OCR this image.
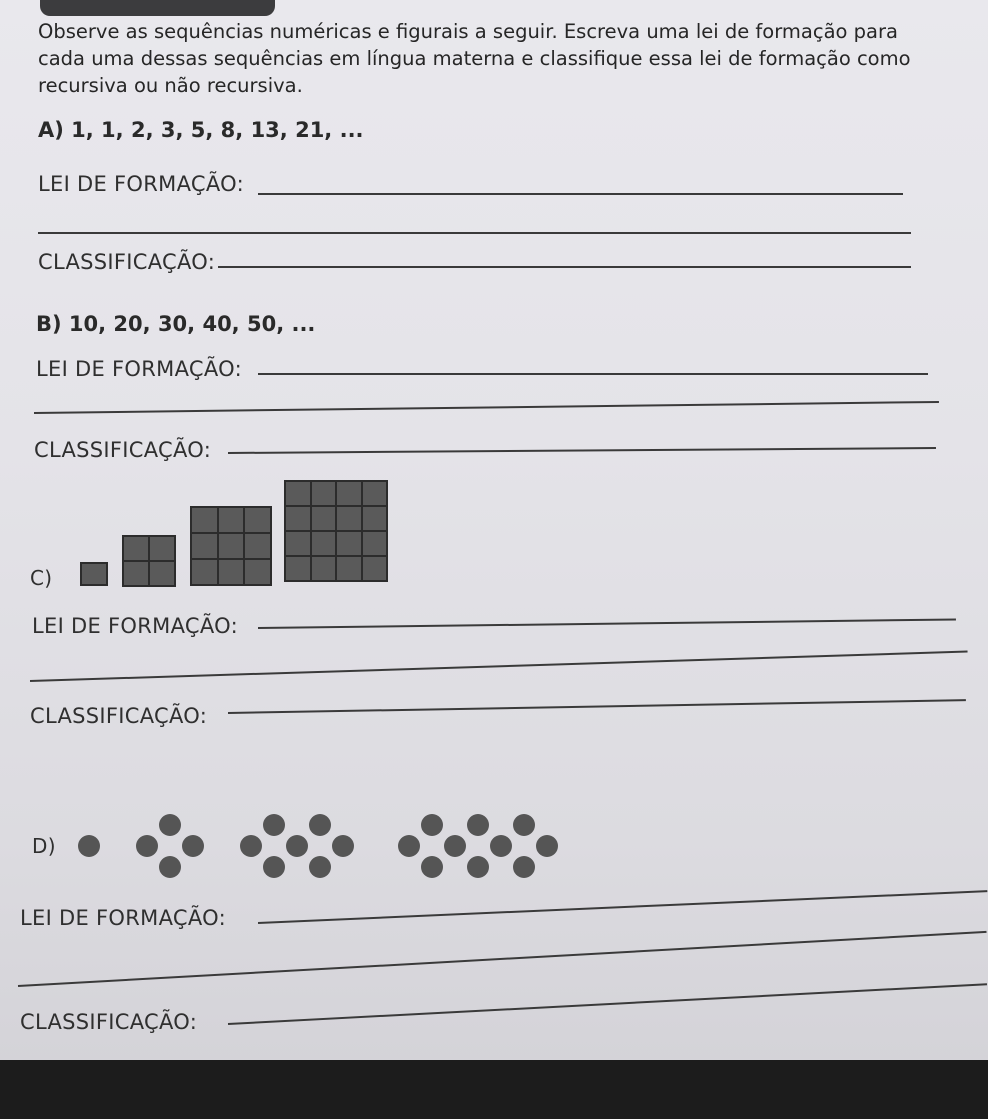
Observe as sequências numéricas e figurais a seguir. Escreva uma lei de formação para cada uma dessas sequências em língua materna e classifique essa lei de formação como recursiva ou não recursiva.
A) 1, 1, 2, 3, 5, 8, 13, 21, ...
LEI DE FORMAÇÃO:
CLASSIFICAÇÃO:
B) 10, 20, 30, 40, 50, ...
LEI DE FORMAÇÃO:
CLASSIFICAÇÃO:
C)
LEI DE FORMAÇÃO:
CLASSIFICAÇÃO:
D)
LEI DE FORMAÇÃO:
CLASSIFICAÇÃO:
